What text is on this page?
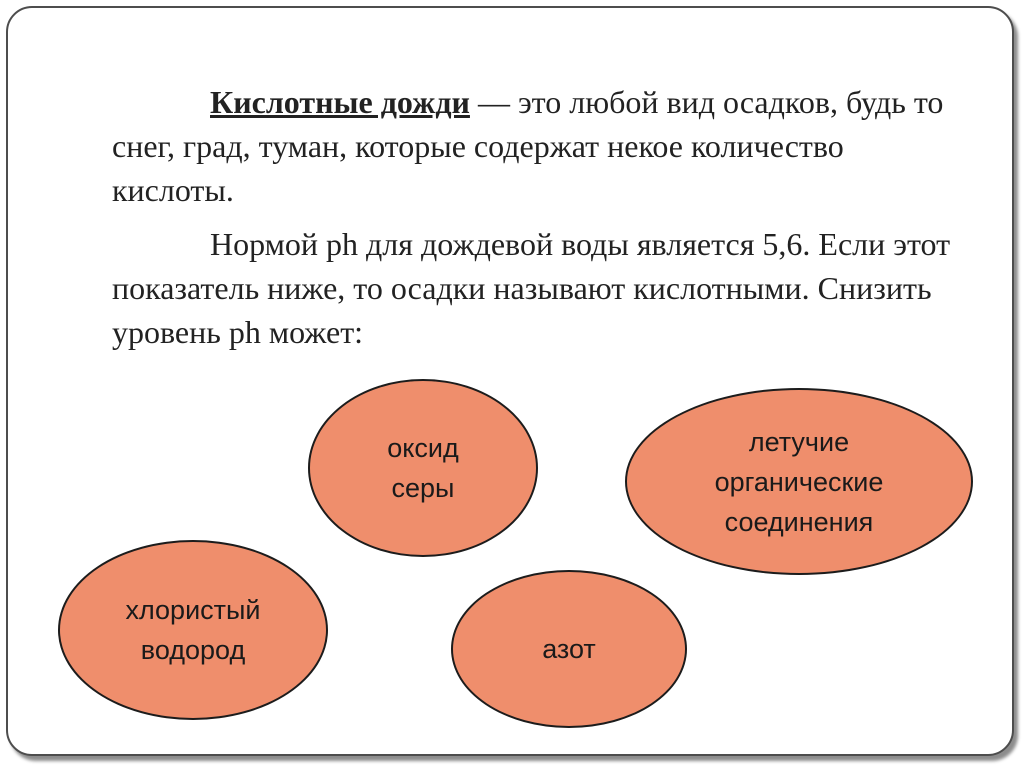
Кислотные дожди — это любой вид осадков, будь то снег, град, туман, которые содержат некое количество кислоты.

Нормой ph для дождевой воды является 5,6. Если этот показатель ниже, то осадки называют кислотными. Снизить уровень ph может:

оксид
серы
летучие
органические
соединения
хлористый
водород	азот
